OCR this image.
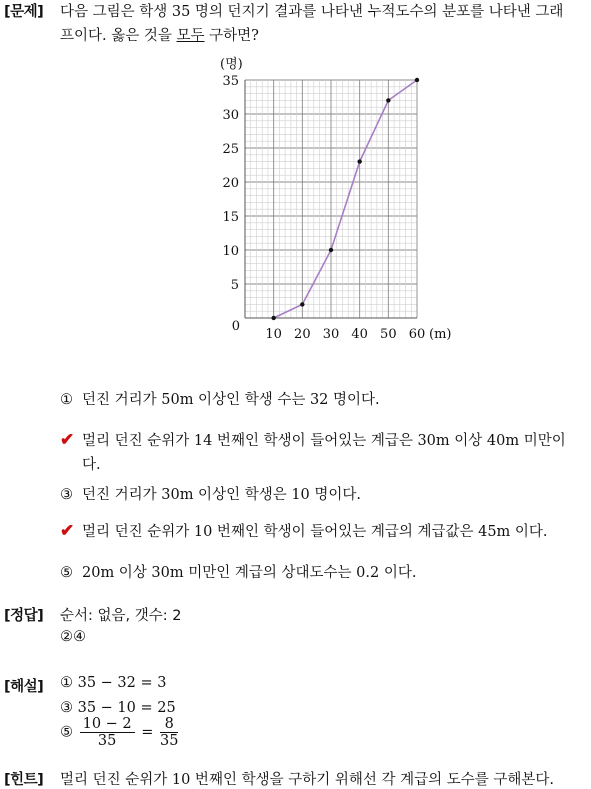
[문제] 다음 그림은 학생 35 명의 던지기 결과를 나타낸 누적도수의 분포를 나타낸 그래
프이다. 옳은 것을 모두 구하면?
5
10
15
20
25
30
35
10 20 30 40 50 60
0
(명)
(m)
① 던진 거리가 50m 이상인 학생 수는 32 명이다.
✔ 멀리 던진 순위가 14 번째인 학생이 들어있는 계급은 30m 이상 40m 미만이
다.
③ 던진 거리가 30m 이상인 학생은 10 명이다.
✔ 멀리 던진 순위가 10 번째인 학생이 들어있는 계급의 계급값은 45m 이다.
⑤ 20m 이상 30m 미만인 계급의 상대도수는 0.2 이다.
[정답] 순서: 없음, 갯수: 2
②④
[해설] ① 35 − 32 = 3
③ 35 − 10 = 25
⑤ $\frac{10 - 2}{35} = \frac{8}{35}$
[힌트] 멀리 던진 순위가 10 번째인 학생을 구하기 위해선 각 계급의 도수를 구해본다.
